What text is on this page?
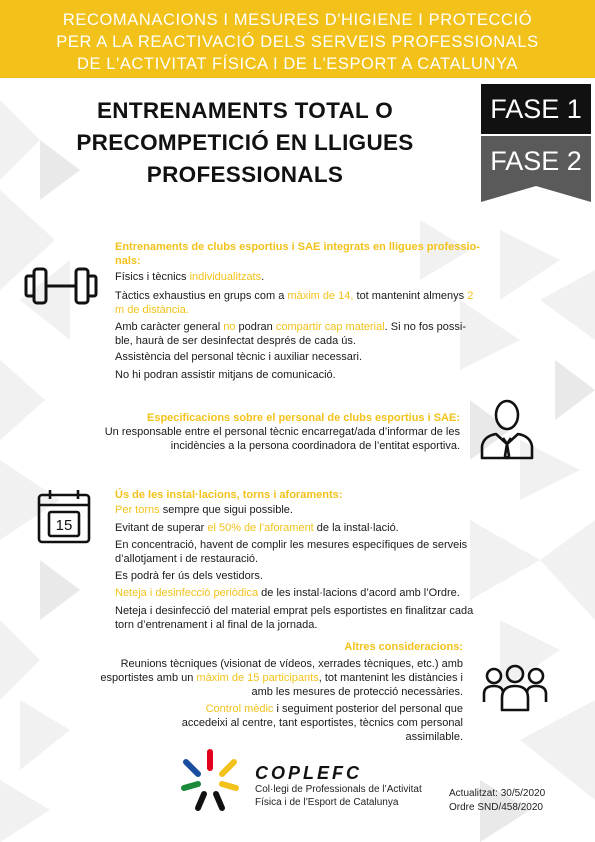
RECOMANACIONS I MESURES D'HIGIENE I PROTECCIÓ
PER A LA REACTIVACIÓ DELS SERVEIS PROFESSIONALS
DE L'ACTIVITAT FÍSICA I DE L'ESPORT A CATALUNYA
ENTRENAMENTS TOTAL O
PRECOMPETICIÓ EN LLIGUES
PROFESSIONALS
FASE 1
FASE 2
Entrenaments de clubs esportius i SAE integrats en lligues professio-
nals:
Físics i tècnics individualitzats.
Tàctics exhaustius en grups com a màxim de 14, tot mantenint almenys 2
m de distància.
Amb caràcter general no podran compartir cap material. Si no fos possi-
ble, haurà de ser desinfectat després de cada ús.
Assistència del personal tècnic i auxiliar necessari.
No hi podran assistir mitjans de comunicació.
Especificacions sobre el personal de clubs esportius i SAE:
Un responsable entre el personal tècnic encarregat/ada d’informar de les
incidències a la persona coordinadora de l’entitat esportiva.
15
Ús de les instal·lacions, torns i aforaments:
Per torns sempre que sigui possible.
Evitant de superar el 50% de l’aforament de la instal·lació.
En concentració, havent de complir les mesures específiques de serveis
d’allotjament i de restauració.
Es podrà fer ús dels vestidors.
Neteja i desinfecció periòdica de les instal·lacions d’acord amb l’Ordre.
Neteja i desinfecció del material emprat pels esportistes en finalitzar cada
torn d’entrenament i al final de la jornada.
Altres consideracions:
Reunions tècniques (visionat de vídeos, xerrades tècniques, etc.) amb
esportistes amb un màxim de 15 participants, tot mantenint les distàncies i
amb les mesures de protecció necessàries.
Control mèdic i seguiment posterior del personal que
accedeixi al centre, tant esportistes, tècnics com personal
assimilable.
COPLEFC
Col·legi de Professionals de l’Activitat
Física i de l’Esport de Catalunya
Actualitzat: 30/5/2020
Ordre SND/458/2020
